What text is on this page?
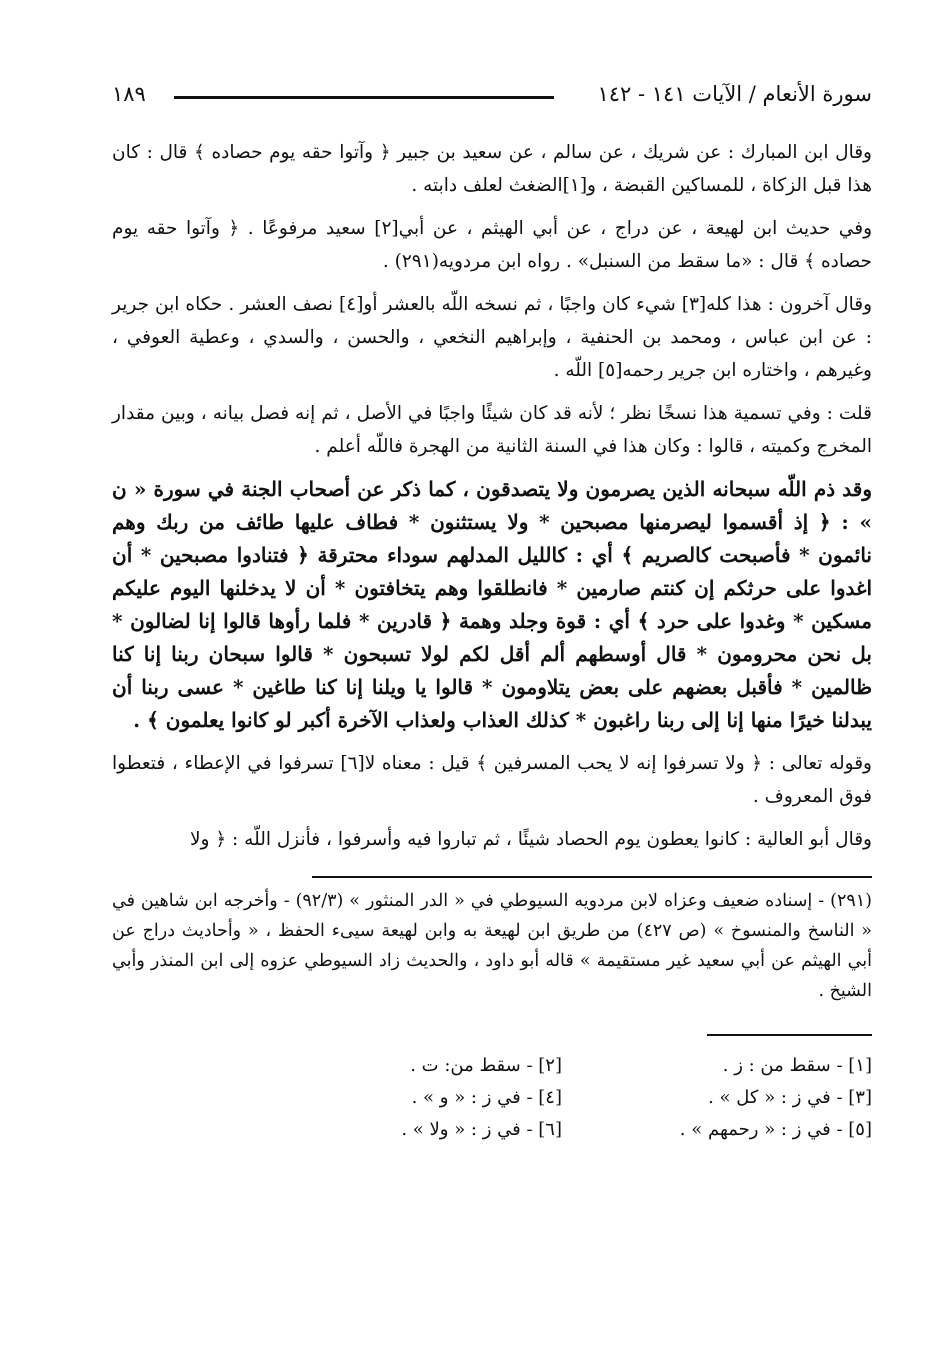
سورة الأنعام / الآيات ١٤١ - ١٤٢
١٨٩

وقال ابن المبارك : عن شريك ، عن سالم ، عن سعيد بن جبير ﴿ وآتوا حقه يوم حصاده ﴾ قال : كان هذا قبل الزكاة ، للمساكين القبضة ، و[١]الضغث لعلف دابته .

وفي حديث ابن لهيعة ، عن دراج ، عن أبي الهيثم ، عن أبي[٢] سعيد مرفوعًا . ﴿ وآتوا حقه يوم حصاده ﴾ قال : «ما سقط من السنبل» . رواه ابن مردويه(٢٩١) .

وقال آخرون : هذا كله[٣] شيء كان واجبًا ، ثم نسخه اللّه بالعشر أو[٤] نصف العشر . حكاه ابن جرير : عن ابن عباس ، ومحمد بن الحنفية ، وإبراهيم النخعي ، والحسن ، والسدي ، وعطية العوفي ، وغيرهم ، واختاره ابن جرير رحمه[٥] اللّه .

قلت : وفي تسمية هذا نسخًا نظر ؛ لأنه قد كان شيئًا واجبًا في الأصل ، ثم إنه فصل بيانه ، وبين مقدار المخرج وكميته ، قالوا : وكان هذا في السنة الثانية من الهجرة فاللّه أعلم .

وقد ذم اللّه سبحانه الذين يصرمون ولا يتصدقون ، كما ذكر عن أصحاب الجنة في سورة « ن » : ﴿ إذ أقسموا ليصرمنها مصبحين * ولا يستثنون * فطاف عليها طائف من ربك وهم نائمون * فأصبحت كالصريم ﴾ أي : كالليل المدلهم سوداء محترقة ﴿ فتنادوا مصبحين * أن اغدوا على حرثكم إن كنتم صارمين * فانطلقوا وهم يتخافتون * أن لا يدخلنها اليوم عليكم مسكين * وغدوا على حرد ﴾ أي : قوة وجلد وهمة ﴿ قادرين * فلما رأوها قالوا إنا لضالون * بل نحن محرومون * قال أوسطهم ألم أقل لكم لولا تسبحون * قالوا سبحان ربنا إنا كنا ظالمين * فأقبل بعضهم على بعض يتلاومون * قالوا يا ويلنا إنا كنا طاغين * عسى ربنا أن يبدلنا خيرًا منها إنا إلى ربنا راغبون * كذلك العذاب ولعذاب الآخرة أكبر لو كانوا يعلمون ﴾ .

وقوله تعالى : ﴿ ولا تسرفوا إنه لا يحب المسرفين ﴾ قيل : معناه لا[٦] تسرفوا في الإعطاء ، فتعطوا فوق المعروف .

وقال أبو العالية : كانوا يعطون يوم الحصاد شيئًا ، ثم تباروا فيه وأسرفوا ، فأنزل اللّه : ﴿ ولا

(٢٩١) - إسناده ضعيف وعزاه لابن مردويه السيوطي في « الدر المنثور » (٩٢/٣) - وأخرجه ابن شاهين في « الناسخ والمنسوخ » (ص ٤٢٧) من طريق ابن لهيعة به وابن لهيعة سيىء الحفظ ، « وأحاديث دراج عن أبي الهيثم عن أبي سعيد غير مستقيمة » قاله أبو داود ، والحديث زاد السيوطي عزوه إلى ابن المنذر وأبي الشيخ .
[١] - سقط من : ز .
[٢] - سقط من: ت .
[٣] - في ز : « كل » .
[٤] - في ز : « و » .
[٥] - في ز : « رحمهم » .
[٦] - في ز : « ولا » .
